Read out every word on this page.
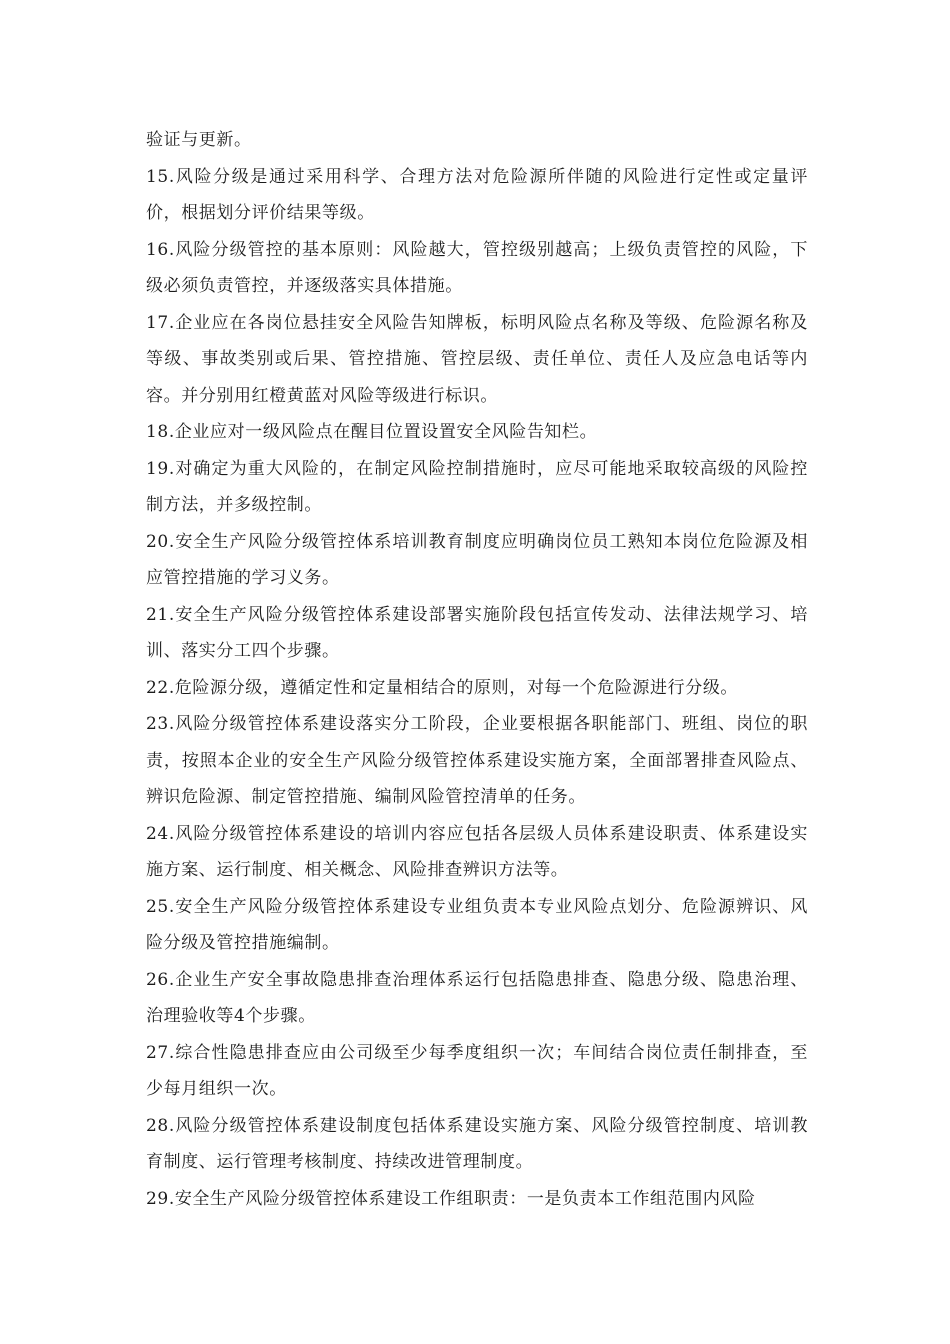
验证与更新。

15.风险分级是通过采用科学、合理方法对危险源所伴随的风险进行定性或定量评价，根据划分评价结果等级。

16.风险分级管控的基本原则：风险越大，管控级别越高；上级负责管控的风险，下级必须负责管控，并逐级落实具体措施。

17.企业应在各岗位悬挂安全风险告知牌板，标明风险点名称及等级、危险源名称及等级、事故类别或后果、管控措施、管控层级、责任单位、责任人及应急电话等内容。并分别用红橙黄蓝对风险等级进行标识。

18.企业应对一级风险点在醒目位置设置安全风险告知栏。

19.对确定为重大风险的，在制定风险控制措施时，应尽可能地采取较高级的风险控制方法，并多级控制。

20.安全生产风险分级管控体系培训教育制度应明确岗位员工熟知本岗位危险源及相应管控措施的学习义务。

21.安全生产风险分级管控体系建设部署实施阶段包括宣传发动、法律法规学习、培训、落实分工四个步骤。

22.危险源分级，遵循定性和定量相结合的原则，对每一个危险源进行分级。

23.风险分级管控体系建设落实分工阶段，企业要根据各职能部门、班组、岗位的职责，按照本企业的安全生产风险分级管控体系建设实施方案，全面部署排查风险点、辨识危险源、制定管控措施、编制风险管控清单的任务。

24.风险分级管控体系建设的培训内容应包括各层级人员体系建设职责、体系建设实施方案、运行制度、相关概念、风险排查辨识方法等。

25.安全生产风险分级管控体系建设专业组负责本专业风险点划分、危险源辨识、风险分级及管控措施编制。

26.企业生产安全事故隐患排查治理体系运行包括隐患排查、隐患分级、隐患治理、治理验收等4个步骤。

27.综合性隐患排查应由公司级至少每季度组织一次；车间结合岗位责任制排查，至少每月组织一次。

28.风险分级管控体系建设制度包括体系建设实施方案、风险分级管控制度、培训教育制度、运行管理考核制度、持续改进管理制度。

29.安全生产风险分级管控体系建设工作组职责：一是负责本工作组范围内风险
